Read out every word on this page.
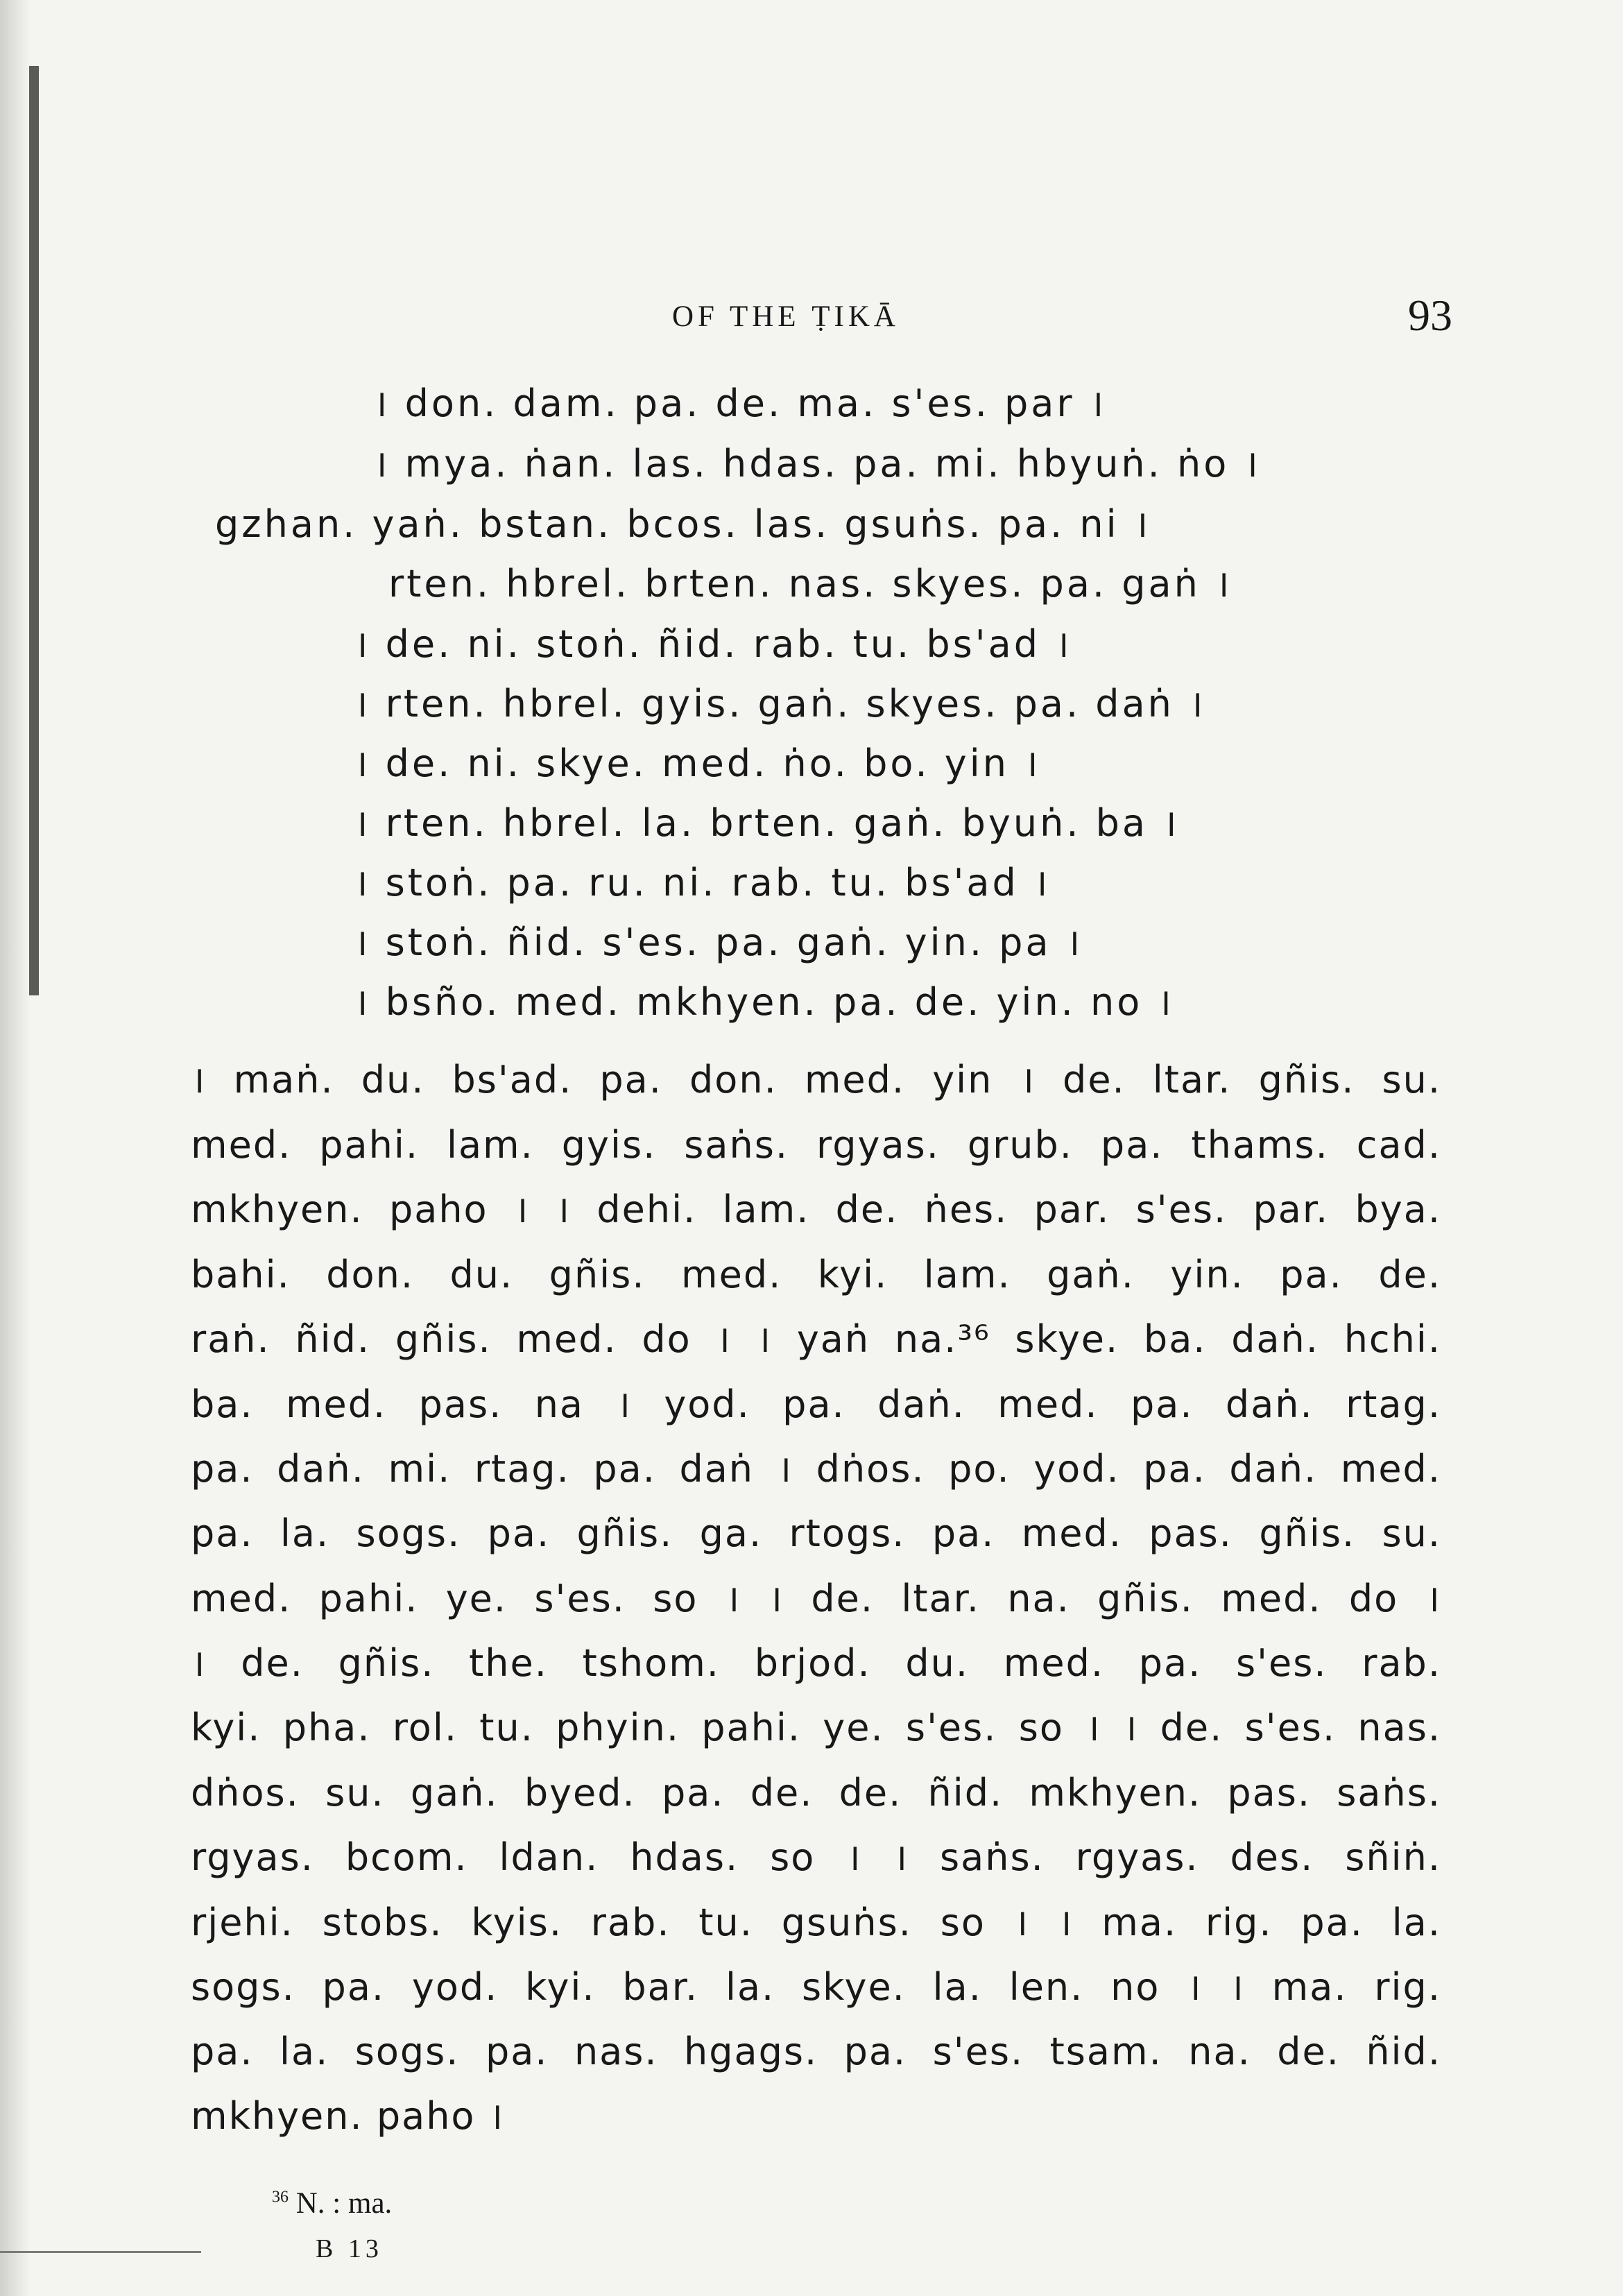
OF THE ṬIKĀ	93
। don. dam. pa. de. ma. s'es. par ।
। mya. ṅan. las. hdas. pa. mi. hbyuṅ. ṅo ।
gzhan. yaṅ. bstan. bcos. las. gsuṅs. pa. ni ।
rten. hbrel. brten. nas. skyes. pa. gaṅ ।
। de. ni. stoṅ. ñid. rab. tu. bs'ad ।
। rten. hbrel. gyis. gaṅ. skyes. pa. daṅ ।
। de. ni. skye. med. ṅo. bo. yin ।
। rten. hbrel. la. brten. gaṅ. byuṅ. ba ।
। stoṅ. pa. ru. ni. rab. tu. bs'ad ।
। stoṅ. ñid. s'es. pa. gaṅ. yin. pa ।
। bsño. med. mkhyen. pa. de. yin. no ।
। maṅ. du. bs'ad. pa. don. med. yin । de. ltar. gñis. su.
med. pahi. lam. gyis. saṅs. rgyas. grub. pa. thams. cad.
mkhyen. paho । । dehi. lam. de. ṅes. par. s'es. par. bya.
bahi. don. du. gñis. med. kyi. lam. gaṅ. yin. pa. de.
raṅ. ñid. gñis. med. do । । yaṅ na.³⁶ skye. ba. daṅ. hchi.
ba. med. pas. na । yod. pa. daṅ. med. pa. daṅ. rtag.
pa. daṅ. mi. rtag. pa. daṅ । dṅos. po. yod. pa. daṅ. med.
pa. la. sogs. pa. gñis. ga. rtogs. pa. med. pas. gñis. su.
med. pahi. ye. s'es. so । । de. ltar. na. gñis. med. do ।
। de. gñis. the. tshom. brjod. du. med. pa. s'es. rab.
kyi. pha. rol. tu. phyin. pahi. ye. s'es. so । । de. s'es. nas.
dṅos. su. gaṅ. byed. pa. de. de. ñid. mkhyen. pas. saṅs.
rgyas. bcom. ldan. hdas. so । । saṅs. rgyas. des. sñiṅ.
rjehi. stobs. kyis. rab. tu. gsuṅs. so । । ma. rig. pa. la.
sogs. pa. yod. kyi. bar. la. skye. la. len. no । । ma. rig.
pa. la. sogs. pa. nas. hgags. pa. s'es. tsam. na. de. ñid.
mkhyen. paho ।
$^{36}$ N. : ma.
B 13
